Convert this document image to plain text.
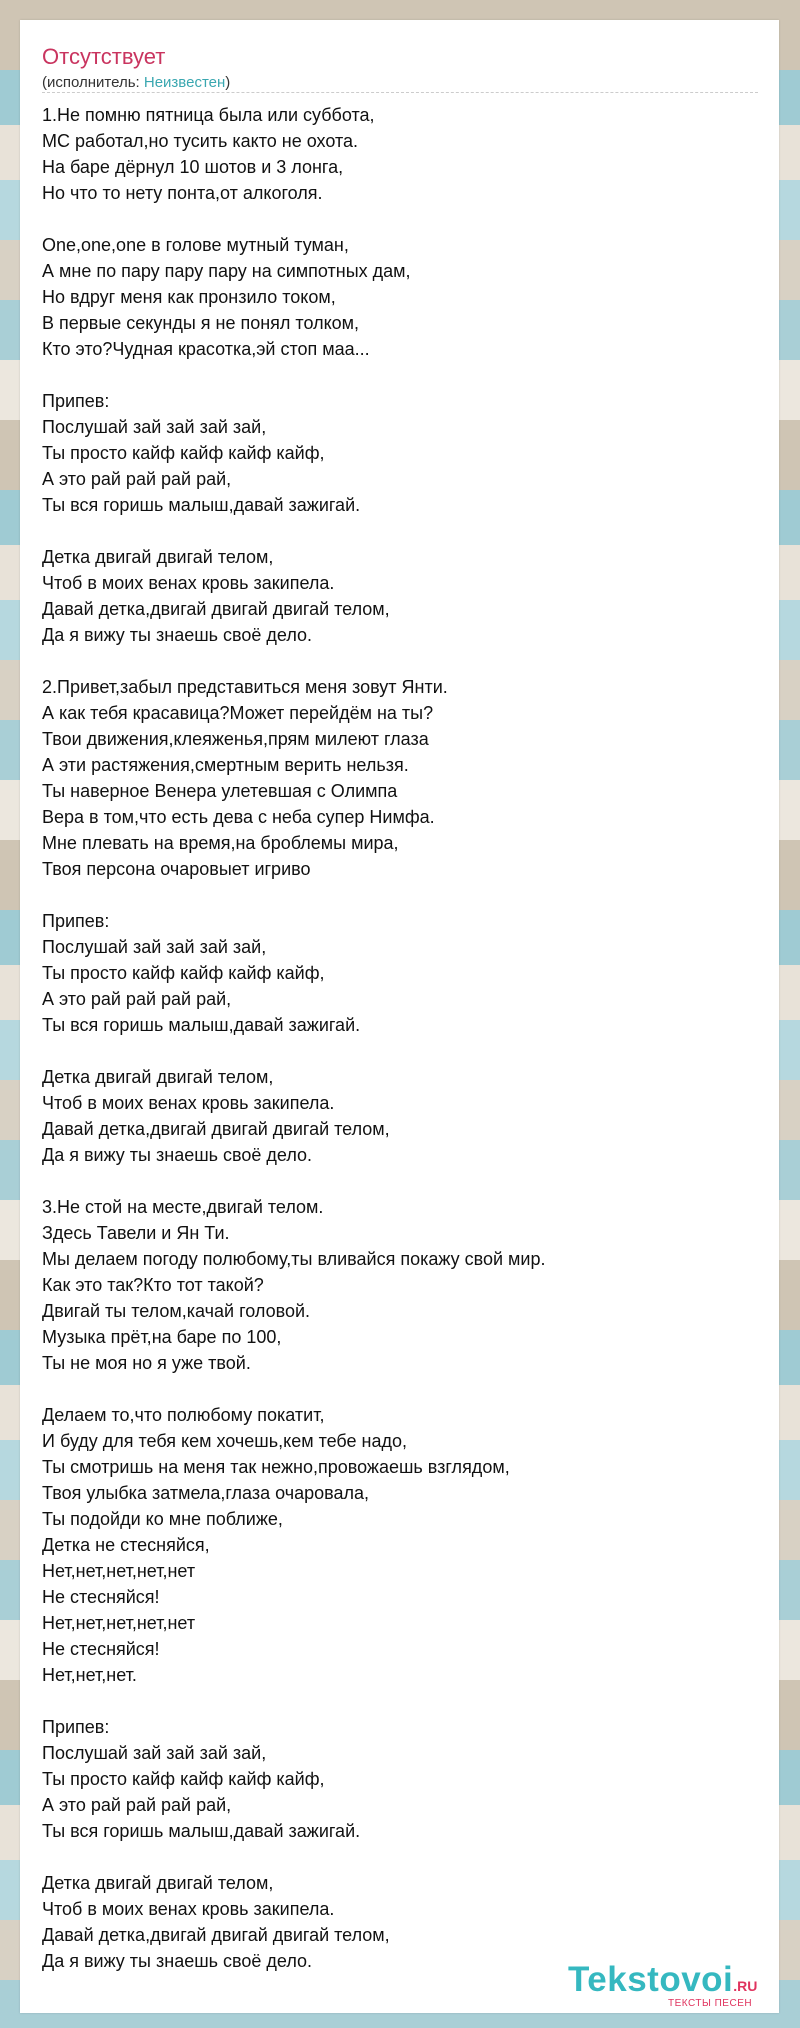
Отсутствует
(исполнитель: Неизвестен)
1.Не помню пятница была или суббота,
МС работал,но тусить както не охота.
На баре дёрнул 10 шотов и 3 лонга,
Но что то нету понта,от алкоголя.
One,one,one в голове мутный туман,
А мне по пару пару пару на симпотных дам,
Но вдруг меня как пронзило током,
В первые секунды я не понял толком,
Кто это?Чудная красотка,эй стоп маа...
Припев:
Послушай зай зай зай зай,
Ты просто кайф кайф кайф кайф,
А это рай рай рай рай,
Ты вся горишь малыш,давай зажигай.
Детка двигай двигай телом,
Чтоб в моих венах кровь закипела.
Давай детка,двигай двигай двигай телом,
Да я вижу ты знаешь своё дело.
2.Привет,забыл представиться меня зовут Янти.
А как тебя красавица?Может перейдём на ты?
Твои движения,клеяженья,прям милеют глаза
А эти растяжения,смертным верить нельзя.
Ты наверное Венера улетевшая с Олимпа
Вера в том,что есть дева с неба супер Нимфа.
Мне плевать на время,на броблемы мира,
Твоя персона очаровыет игриво
Припев:
Послушай зай зай зай зай,
Ты просто кайф кайф кайф кайф,
А это рай рай рай рай,
Ты вся горишь малыш,давай зажигай.
Детка двигай двигай телом,
Чтоб в моих венах кровь закипела.
Давай детка,двигай двигай двигай телом,
Да я вижу ты знаешь своё дело.
3.Не стой на месте,двигай телом.
Здесь Тавели и Ян Ти.
Мы делаем погоду полюбому,ты вливайся покажу свой мир.
Как это так?Кто тот такой?
Двигай ты телом,качай головой.
Музыка прёт,на баре по 100,
Ты не моя но я уже твой.
Делаем то,что полюбому покатит,
И буду для тебя кем хочешь,кем тебе надо,
Ты смотришь на меня так нежно,провожаешь взглядом,
Твоя улыбка затмела,глаза очаровала,
Ты подойди ко мне поближе,
Детка не стесняйся,
Нет,нет,нет,нет,нет
Не стесняйся!
Нет,нет,нет,нет,нет
Не стесняйся!
Нет,нет,нет.
Припев:
Послушай зай зай зай зай,
Ты просто кайф кайф кайф кайф,
А это рай рай рай рай,
Ты вся горишь малыш,давай зажигай.
Детка двигай двигай телом,
Чтоб в моих венах кровь закипела.
Давай детка,двигай двигай двигай телом,
Да я вижу ты знаешь своё дело.	Tekstovoi.RU
ТЕКСТЫ ПЕСЕН
